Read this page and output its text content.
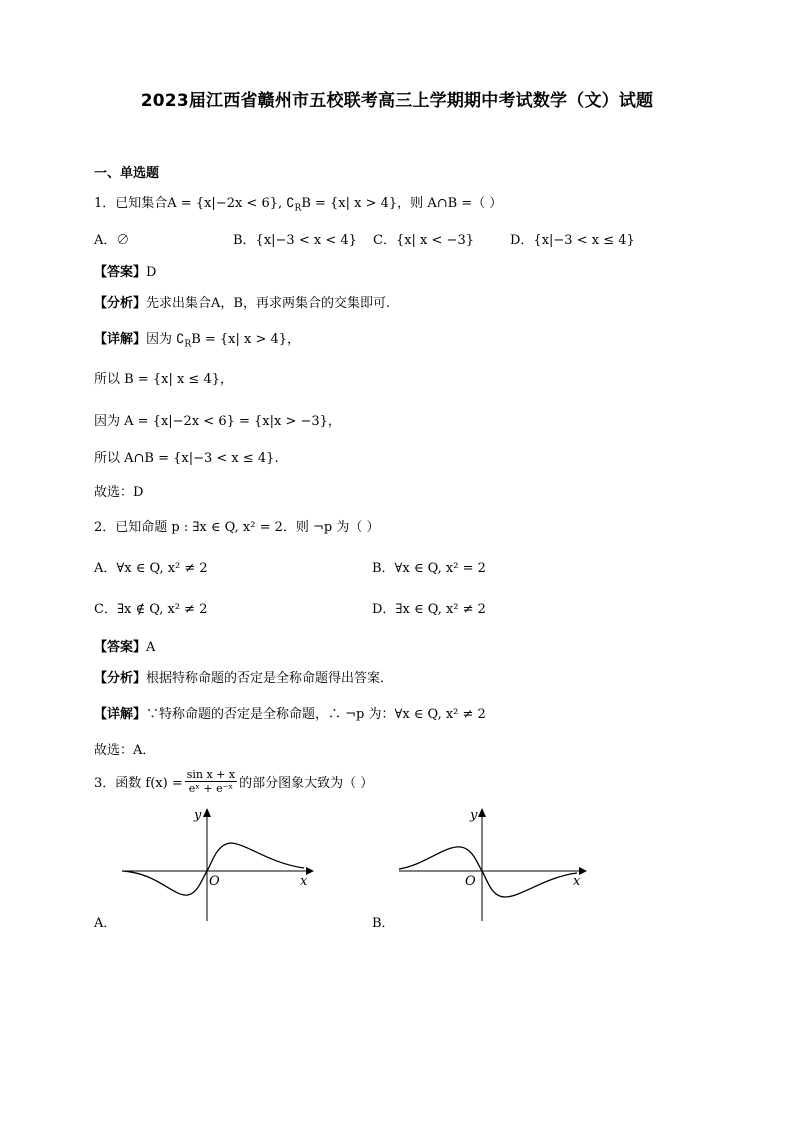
2023届江西省赣州市五校联考高三上学期期中考试数学（文）试题
一、单选题
1．已知集合A = {x|−2x < 6}, $∁_RB = \{x|$ x > 4}，则 A∩B =（ ）
A．∅	B．{x|−3 < x < 4} C．{x| x < −3}	D．{x|−3 < x ≤ 4}
【答案】D
【分析】先求出集合A，B，再求两集合的交集即可.
【详解】因为 $∁_RB = \{x|$ x > 4}，
所以 B = {x| x ≤ 4}，
因为 A = {x|−2x < 6} = {x|x > −3}，
所以 A∩B = {x|−3 < x ≤ 4}.
故选：D
2．已知命题 p : ∃x ∈ Q, x² = 2．则 ¬p 为（ ）
A．∀x ∈ Q, x² ≠ 2	B．∀x ∈ Q, x² = 2
C．∃x ∉ Q, x² ≠ 2	D．∃x ∈ Q, x² ≠ 2
【答案】A
【分析】根据特称命题的否定是全称命题得出答案．
【详解】∵特称命题的否定是全称命题，∴ ¬p 为：∀x ∈ Q, x² ≠ 2
故选：A．
3．函数 $f(x) = \frac{\text{sin x + x}}{\text{eˣ + e⁻ˣ}}$ 的部分图象大致为（ ）
y
x
O
A．
y
x
O
B．
